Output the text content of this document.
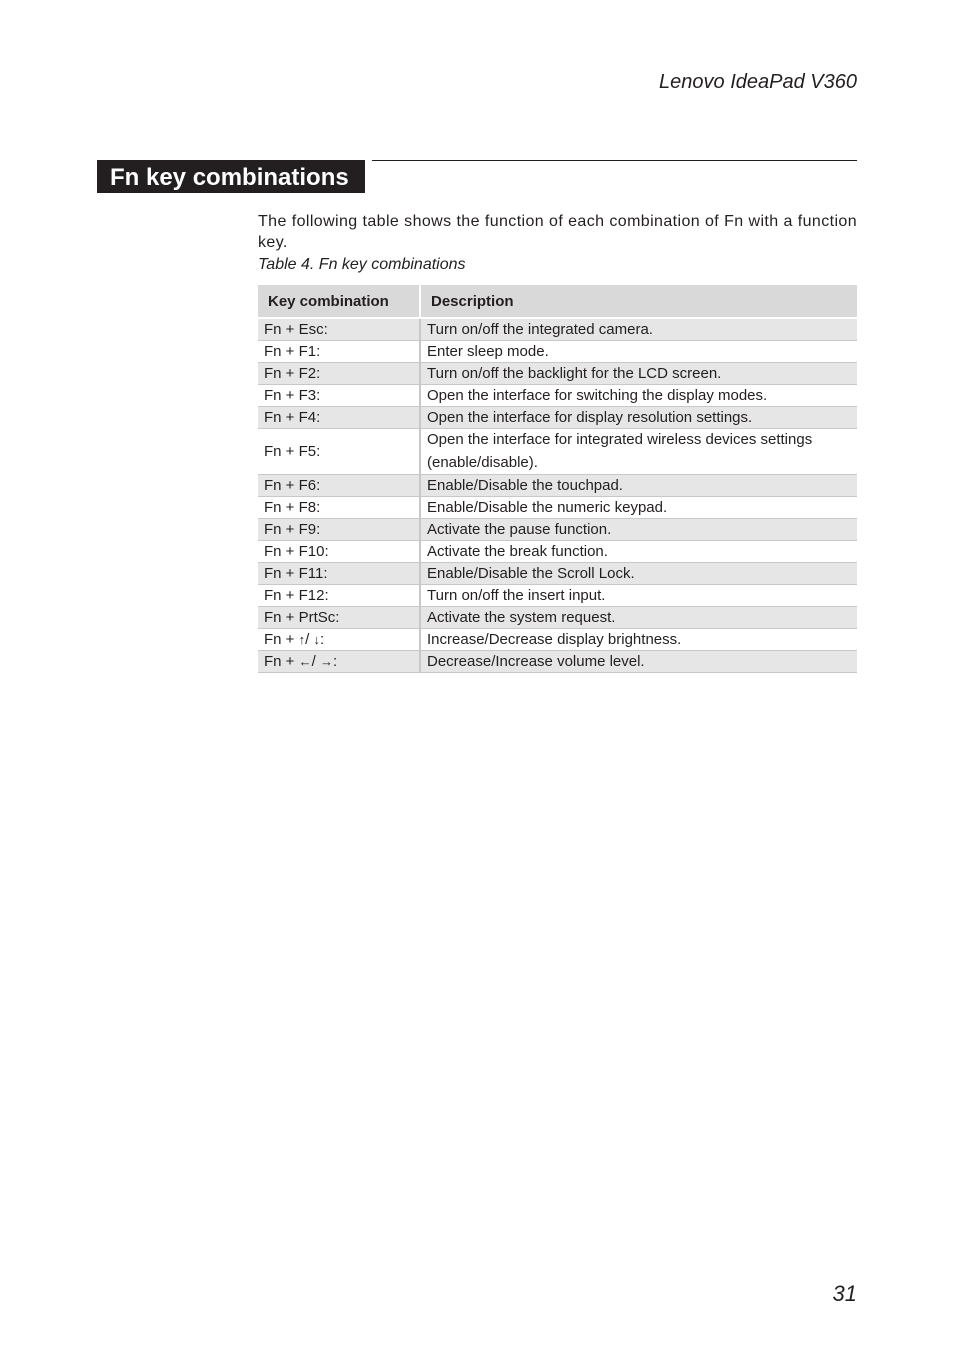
Lenovo IdeaPad V360
Fn key combinations

The following table shows the function of each combination of Fn with a function key.

Table 4. Fn key combinations

Key combination	Description
Fn + Esc:	Turn on/off the integrated camera.
Fn + F1:	Enter sleep mode.
Fn + F2:	Turn on/off the backlight for the LCD screen.
Fn + F3:	Open the interface for switching the display modes.
Fn + F4:	Open the interface for display resolution settings.
Fn + F5:	Open the interface for integrated wireless devices settings (enable/disable).
Fn + F6:	Enable/Disable the touchpad.
Fn + F8:	Enable/Disable the numeric keypad.
Fn + F9:	Activate the pause function.
Fn + F10:	Activate the break function.
Fn + F11:	Enable/Disable the Scroll Lock.
Fn + F12:	Turn on/off the insert input.
Fn + PrtSc:	Activate the system request.
Fn + ↑/ ↓:	Increase/Decrease display brightness.
Fn + ←/ →:	Decrease/Increase volume level.
31
